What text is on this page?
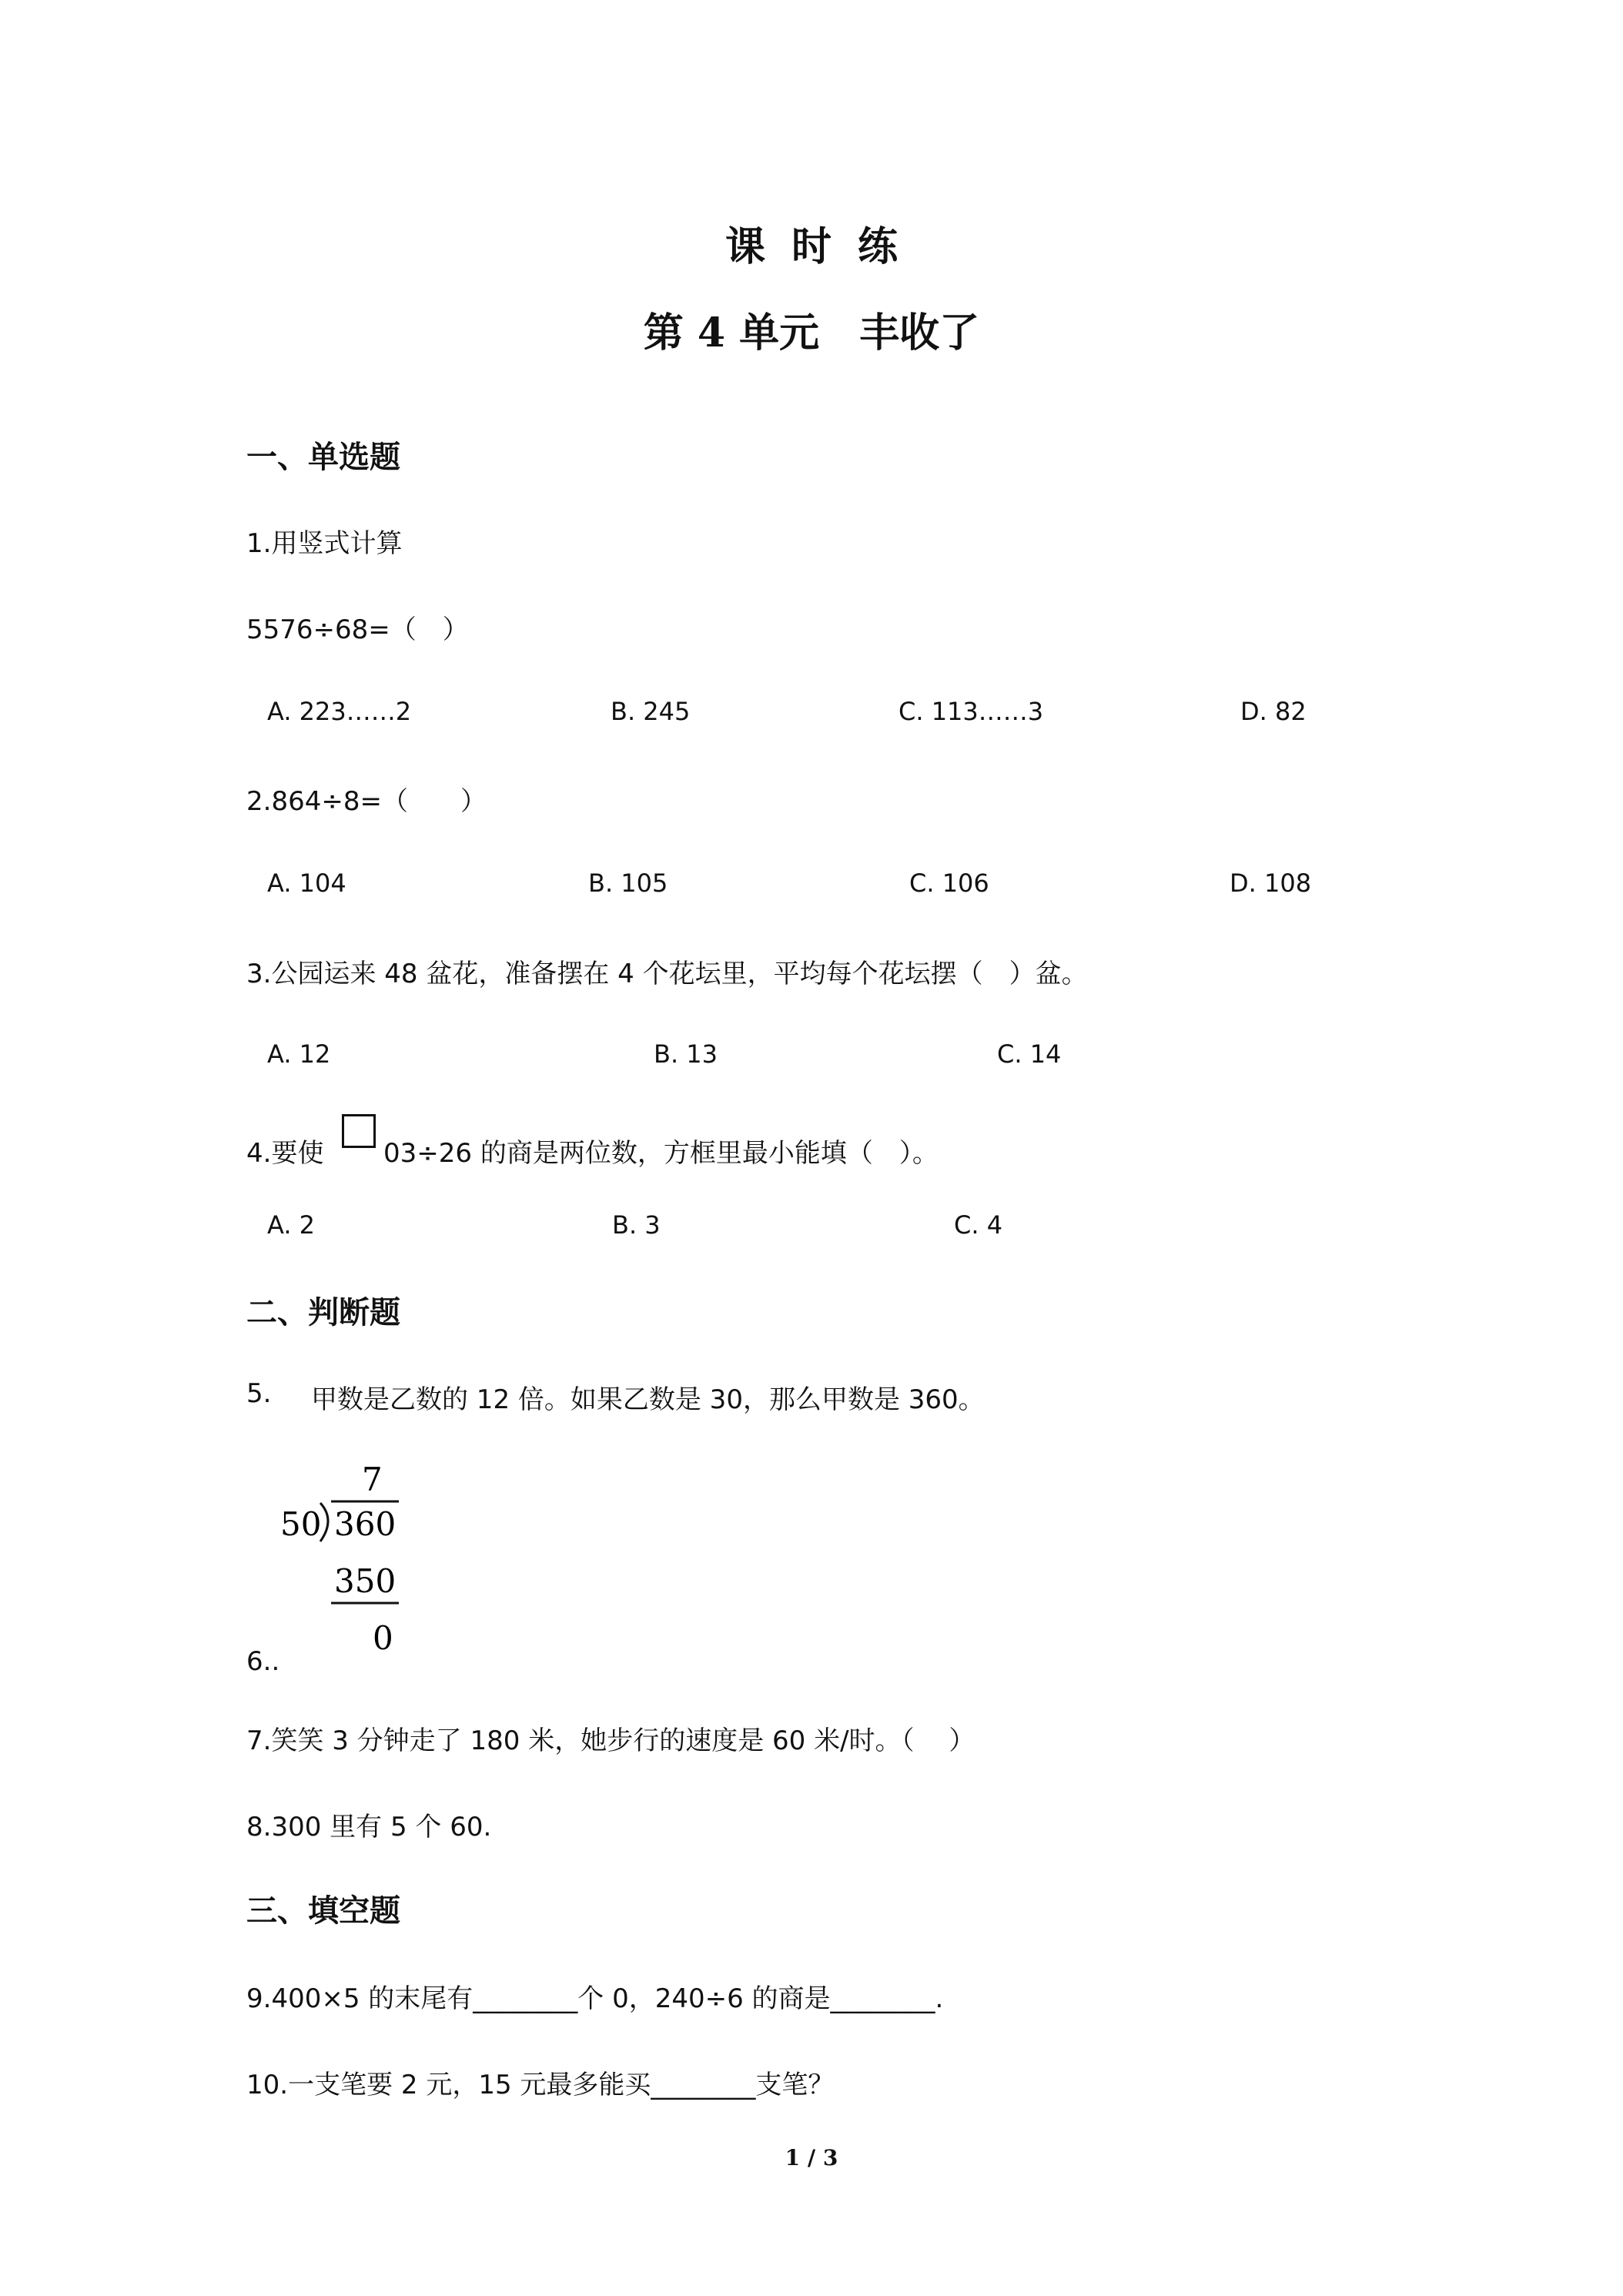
课时练
第 4 单元　丰收了
一、单选题
1.用竖式计算
5576÷68=（　）
A. 223……2	B. 245	C. 113……3	D. 82
2.864÷8=（　　）
A. 104	B. 105	C. 106	D. 108
3.公园运来 48 盆花，准备摆在 4 个花坛里，平均每个花坛摆（　）盆。
A. 12	B. 13	C. 14
4.要使 03÷26 的商是两位数，方框里最小能填（　）。
A. 2	B. 3	C. 4
二、判断题
5. 甲数是乙数的 12 倍。如果乙数是 30，那么甲数是 360。
7
50 360
350
0
6..
7.笑笑 3 分钟走了 180 米，她步行的速度是 60 米/时。（　 ）
8.300 里有 5 个 60.
三、填空题
9.400×5 的末尾有________个 0，240÷6 的商是________.
10.一支笔要 2 元，15 元最多能买________支笔？
1 / 3
